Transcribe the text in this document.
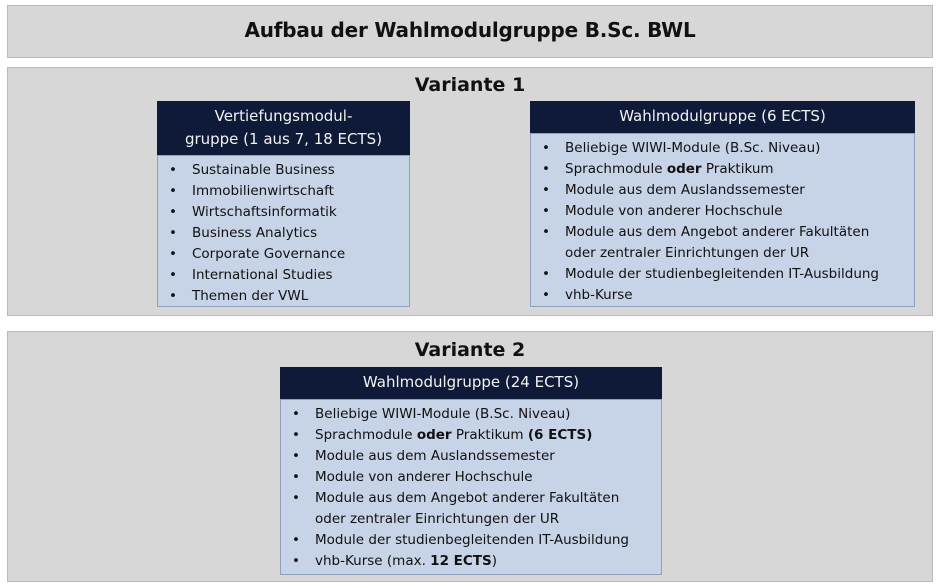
Aufbau der Wahlmodulgruppe B.Sc. BWL
Variante 1
Vertiefungsmodul-
gruppe (1 aus 7, 18 ECTS)
• Sustainable Business
• Immobilienwirtschaft
• Wirtschaftsinformatik
• Business Analytics
• Corporate Governance
• International Studies
• Themen der VWL
Wahlmodulgruppe (6 ECTS)
• Beliebige WIWI-Module (B.Sc. Niveau)
• Sprachmodule oder Praktikum
• Module aus dem Auslandssemester
• Module von anderer Hochschule
• Module aus dem Angebot anderer Fakultäten
oder zentraler Einrichtungen der UR
• Module der studienbegleitenden IT-Ausbildung
• vhb-Kurse
Variante 2
Wahlmodulgruppe (24 ECTS)
• Beliebige WIWI-Module (B.Sc. Niveau)
• Sprachmodule oder Praktikum (6 ECTS)
• Module aus dem Auslandssemester
• Module von anderer Hochschule
• Module aus dem Angebot anderer Fakultäten
oder zentraler Einrichtungen der UR
• Module der studienbegleitenden IT-Ausbildung
• vhb-Kurse (max. 12 ECTS)
